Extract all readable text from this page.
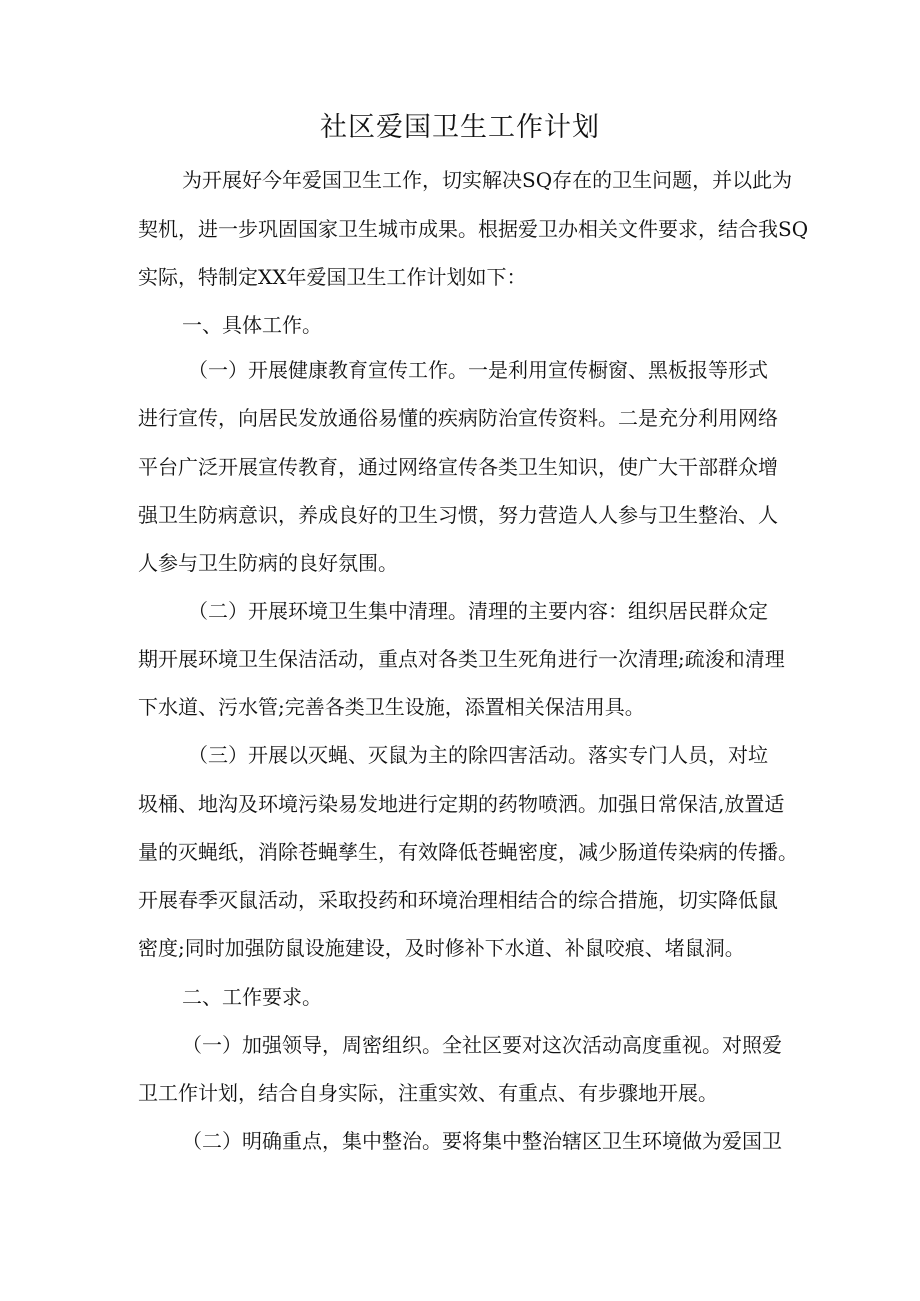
社区爱国卫生工作计划

为开展好今年爱国卫生工作，切实解决SQ存在的卫生问题，并以此为

契机，进一步巩固国家卫生城市成果。根据爱卫办相关文件要求，结合我SQ

实际，特制定XX年爱国卫生工作计划如下：

一、具体工作。

（一）开展健康教育宣传工作。一是利用宣传橱窗、黑板报等形式

进行宣传，向居民发放通俗易懂的疾病防治宣传资料。二是充分利用网络

平台广泛开展宣传教育，通过网络宣传各类卫生知识，使广大干部群众增

强卫生防病意识，养成良好的卫生习惯，努力营造人人参与卫生整治、人

人参与卫生防病的良好氛围。

（二）开展环境卫生集中清理。清理的主要内容：组织居民群众定

期开展环境卫生保洁活动，重点对各类卫生死角进行一次清理;疏浚和清理

下水道、污水管;完善各类卫生设施，添置相关保洁用具。

（三）开展以灭蝇、灭鼠为主的除四害活动。落实专门人员，对垃

圾桶、地沟及环境污染易发地进行定期的药物喷洒。加强日常保洁,放置适

量的灭蝇纸，消除苍蝇孳生，有效降低苍蝇密度，减少肠道传染病的传播。

开展春季灭鼠活动，采取投药和环境治理相结合的综合措施，切实降低鼠

密度;同时加强防鼠设施建设，及时修补下水道、补鼠咬痕、堵鼠洞。

二、工作要求。

（一）加强领导，周密组织。全社区要对这次活动高度重视。对照爱

卫工作计划，结合自身实际，注重实效、有重点、有步骤地开展。

（二）明确重点，集中整治。要将集中整治辖区卫生环境做为爱国卫
